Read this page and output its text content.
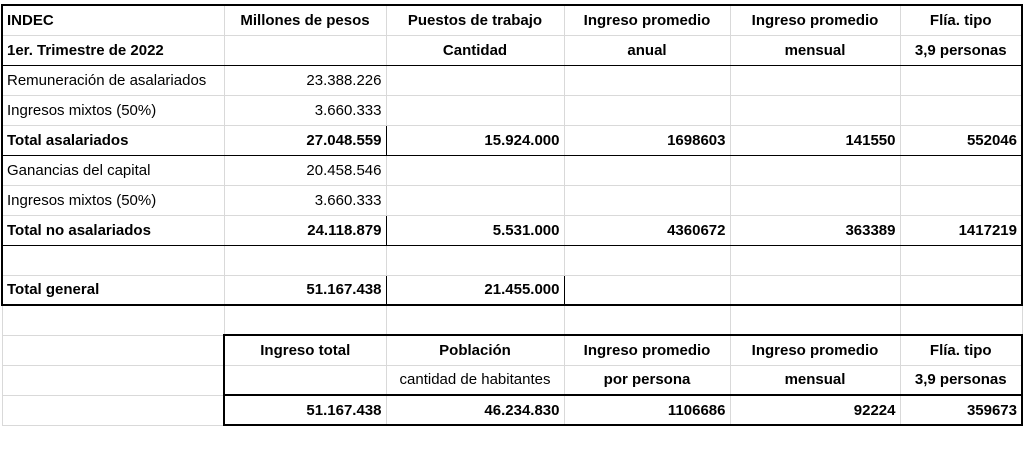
INDEC	Millones de pesos	Puestos de trabajo	Ingreso promedio	Ingreso promedio	Flía. tipo
1er. Trimestre de 2022		Cantidad	anual	mensual	3,9 personas
Remuneración de asalariados	23.388.226				
Ingresos mixtos (50%)	3.660.333				
Total asalariados	27.048.559	15.924.000	1698603	141550	552046
Ganancias del capital	20.458.546				
Ingresos mixtos (50%)	3.660.333				
Total no asalariados	24.118.879	5.531.000	4360672	363389	1417219

Total general	51.167.438	21.455.000			

	Ingreso total	Población	Ingreso promedio	Ingreso promedio	Flía. tipo
		cantidad de habitantes	por persona	mensual	3,9 personas
	51.167.438	46.234.830	1106686	92224	359673
